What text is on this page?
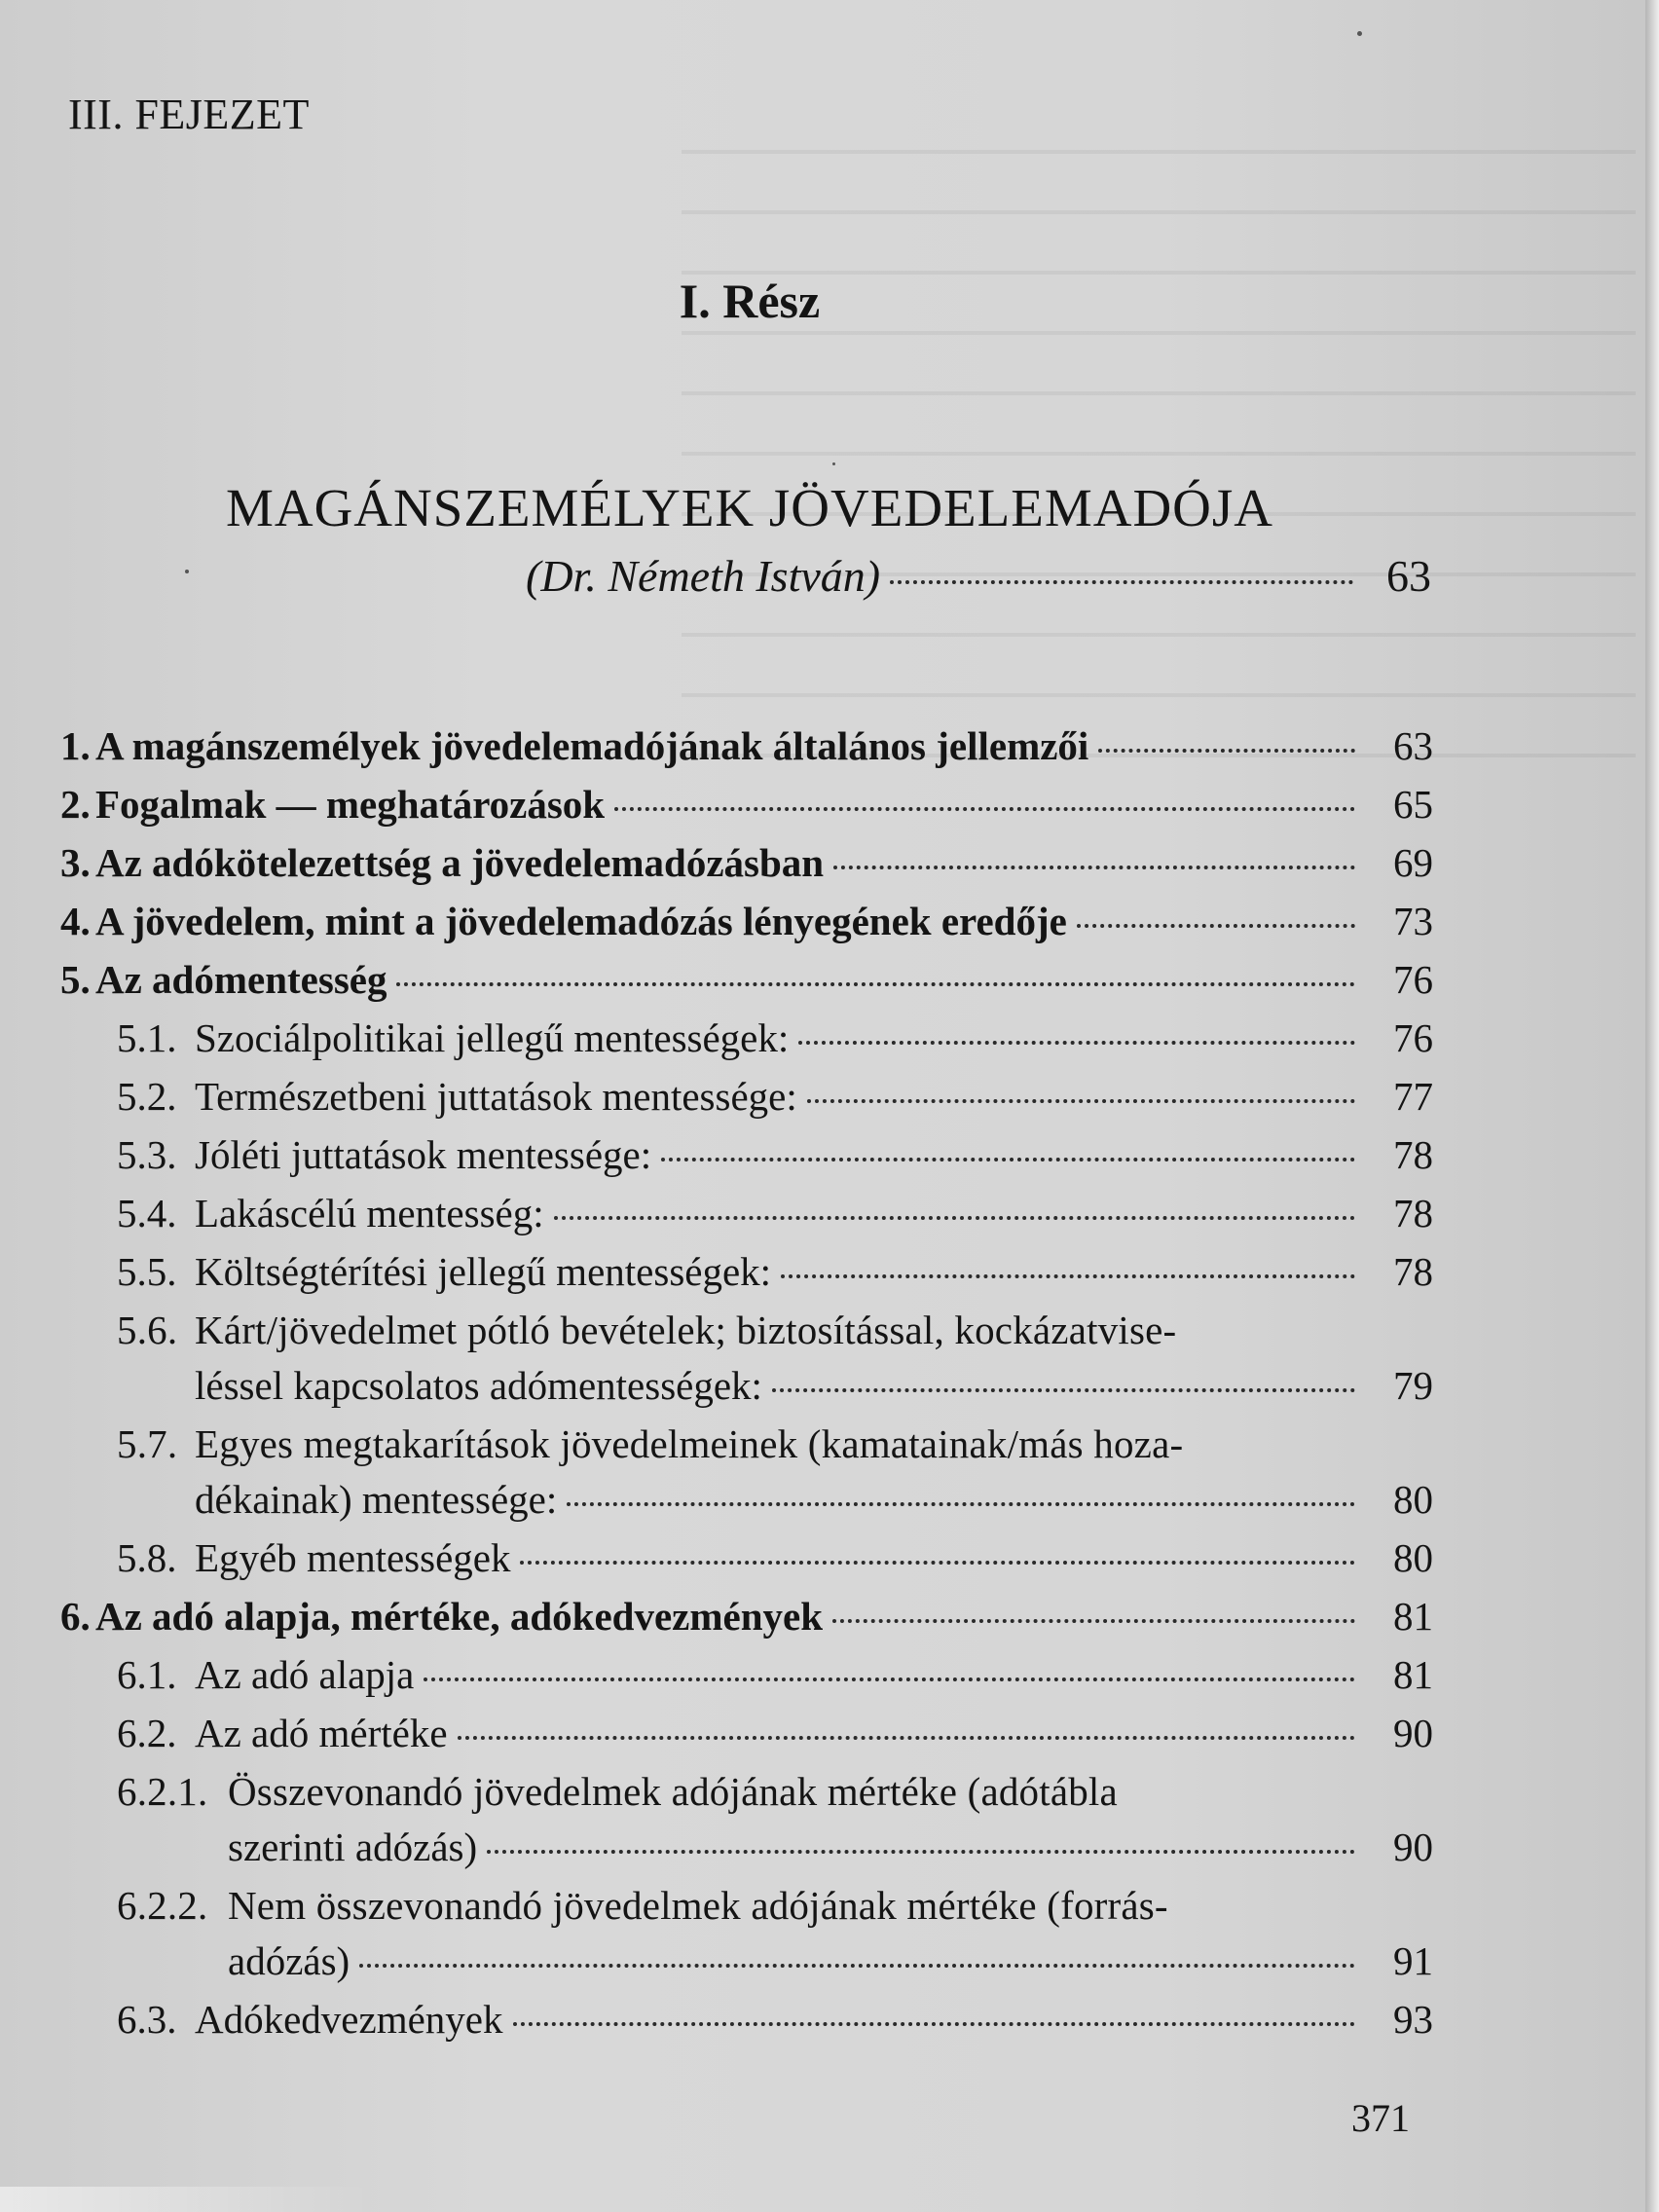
III. FEJEZET
I. Rész
MAGÁNSZEMÉLYEK JÖVEDELEMADÓJA
(Dr. Németh István)	63
1. A magánszemélyek jövedelemadójának általános jellemzői	63
2. Fogalmak — meghatározások	65
3. Az adókötelezettség a jövedelemadózásban	69
4. A jövedelem, mint a jövedelemadózás lényegének eredője	73
5. Az adómentesség	76
5.1. Szociálpolitikai jellegű mentességek:	76
5.2. Természetbeni juttatások mentessége:	77
5.3. Jóléti juttatások mentessége:	78
5.4. Lakáscélú mentesség:	78
5.5. Költségtérítési jellegű mentességek:	78
5.6. Kárt/jövedelmet pótló bevételek; biztosítással, kockázatvise-
léssel kapcsolatos adómentességek:	79
5.7. Egyes megtakarítások jövedelmeinek (kamatainak/más hoza-
dékainak) mentessége:	80
5.8. Egyéb mentességek	80
6. Az adó alapja, mértéke, adókedvezmények	81
6.1. Az adó alapja	81
6.2. Az adó mértéke	90
6.2.1. Összevonandó jövedelmek adójának mértéke (adótábla
szerinti adózás)	90
6.2.2. Nem összevonandó jövedelmek adójának mértéke (forrás-
adózás)	91
6.3. Adókedvezmények	93
371
